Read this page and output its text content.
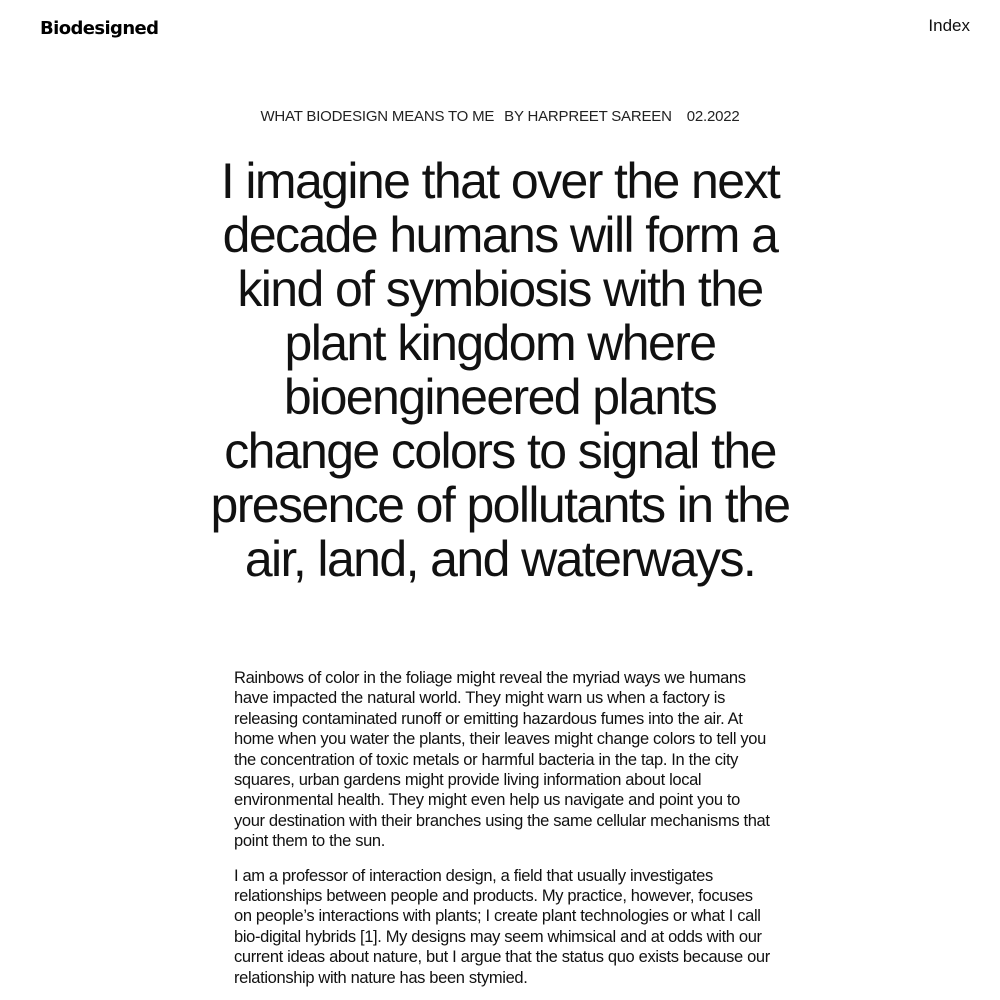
Biodesigned	Index
WHAT BIODESIGN MEANS TO ME BY HARPREET SAREEN 02.2022
I imagine that over the next decade humans will form a kind of symbiosis with the plant kingdom where bioengineered plants change colors to signal the presence of pollutants in the air, land, and waterways.

Rainbows of color in the foliage might reveal the myriad ways we humans have impacted the natural world. They might warn us when a factory is releasing contaminated runoff or emitting hazardous fumes into the air. At home when you water the plants, their leaves might change colors to tell you the concentration of toxic metals or harmful bacteria in the tap. In the city squares, urban gardens might provide living information about local environmental health. They might even help us navigate and point you to your destination with their branches using the same cellular mechanisms that point them to the sun.

I am a professor of interaction design, a field that usually investigates relationships between people and products. My practice, however, focuses on people’s interactions with plants; I create plant technologies or what I call bio-digital hybrids [1]. My designs may seem whimsical and at odds with our current ideas about nature, but I argue that the status quo exists because our relationship with nature has been stymied.
